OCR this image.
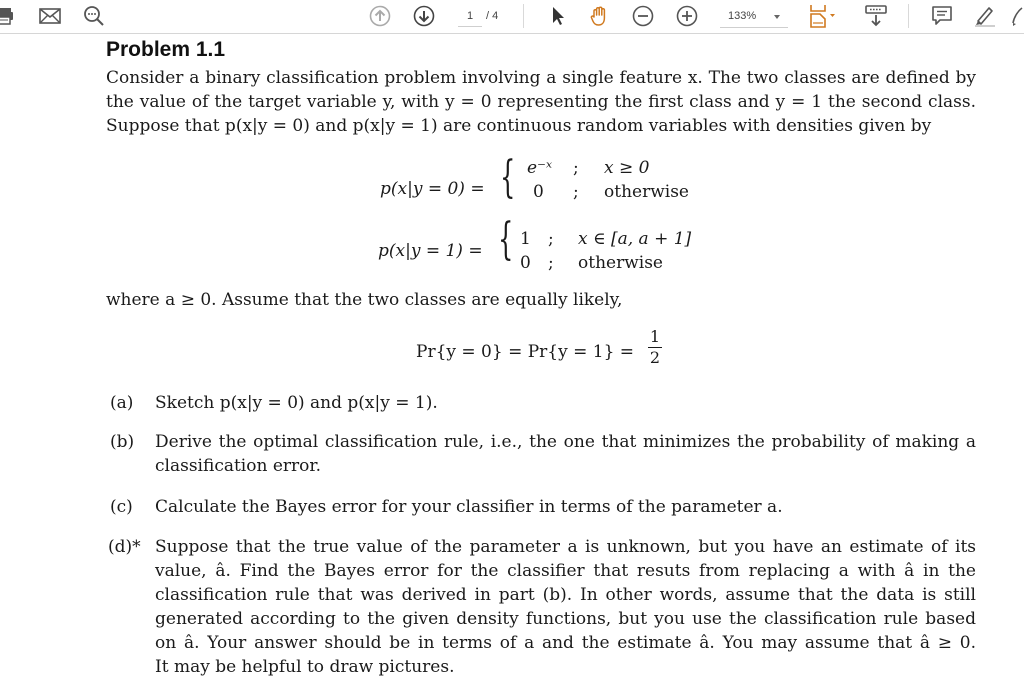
1	/ 4	133%
Problem 1.1
Consider a binary classification problem involving a single feature x. The two classes are defined by
the value of the target variable y, with y = 0 representing the first class and y = 1 the second class.
Suppose that p(x|y = 0) and p(x|y = 1) are continuous random variables with densities given by
p(x|y = 0) = { e⁻ˣ ; x ≥ 0
0 ; otherwise
p(x|y = 1) = { 1 ; x ∈ [a, a + 1]
0 ; otherwise
where a ≥ 0. Assume that the two classes are equally likely,
Pr{y = 0} = Pr{y = 1} =
1
2
(a) Sketch p(x|y = 0) and p(x|y = 1).
(b) Derive the optimal classification rule, i.e., the one that minimizes the probability of making a
classification error.
(c) Calculate the Bayes error for your classifier in terms of the parameter a.
(d)* Suppose that the true value of the parameter a is unknown, but you have an estimate of its
value, â. Find the Bayes error for the classifier that resuts from replacing a with â in the
classification rule that was derived in part (b). In other words, assume that the data is still
generated according to the given density functions, but you use the classification rule based
on â. Your answer should be in terms of a and the estimate â. You may assume that â ≥ 0.
It may be helpful to draw pictures.
